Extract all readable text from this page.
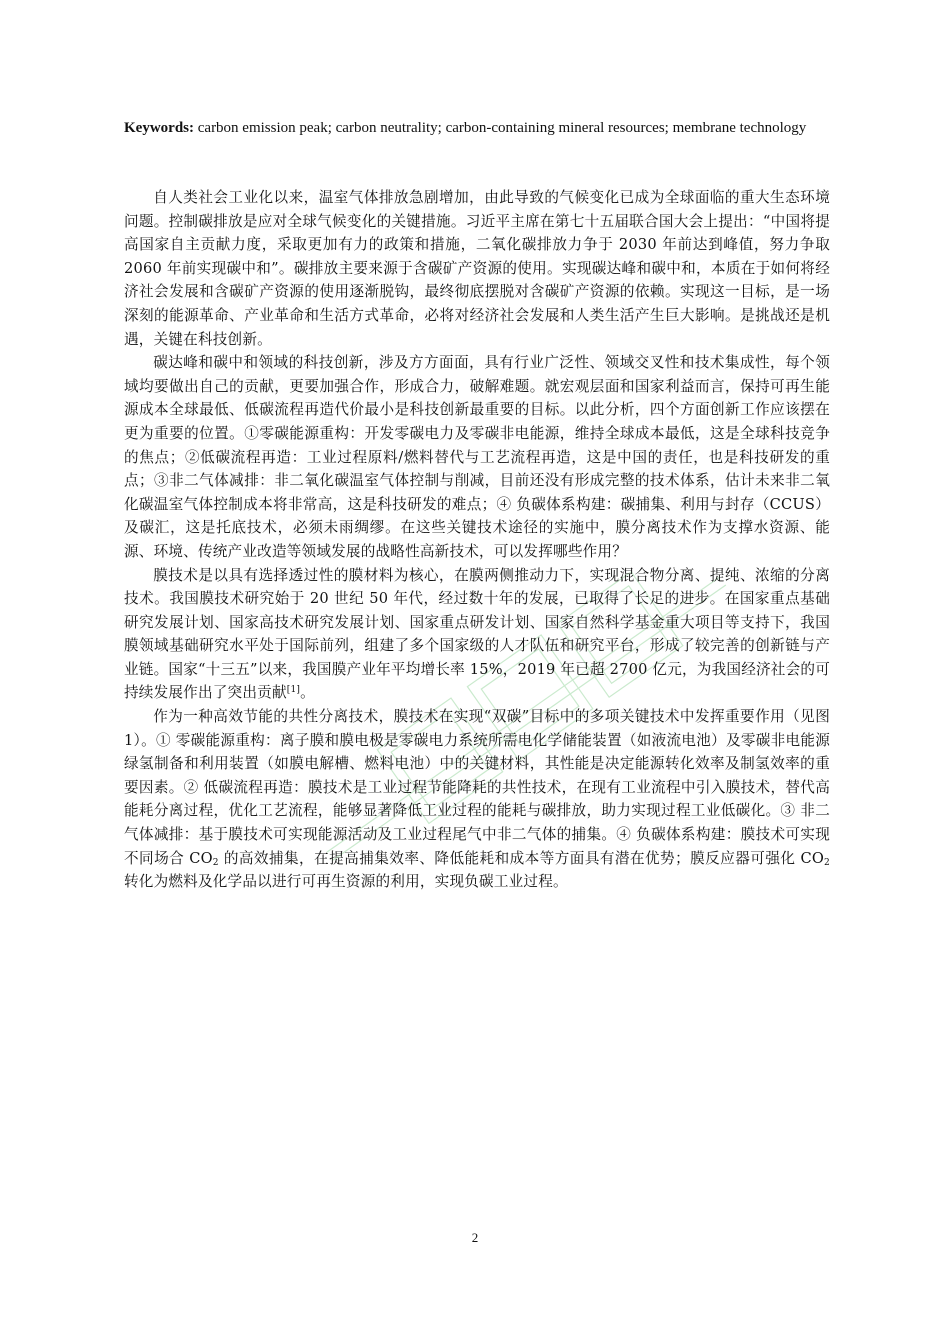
Keywords: carbon emission peak; carbon neutrality; carbon-containing mineral resources; membrane technology

自人类社会工业化以来，温室气体排放急剧增加，由此导致的气候变化已成为全球面临的重大生态环境问题。控制碳排放是应对全球气候变化的关键措施。习近平主席在第七十五届联合国大会上提出：“中国将提高国家自主贡献力度，采取更加有力的政策和措施，二氧化碳排放力争于 2030 年前达到峰值，努力争取 2060 年前实现碳中和”。碳排放主要来源于含碳矿产资源的使用。实现碳达峰和碳中和，本质在于如何将经济社会发展和含碳矿产资源的使用逐渐脱钩，最终彻底摆脱对含碳矿产资源的依赖。实现这一目标，是一场深刻的能源革命、产业革命和生活方式革命，必将对经济社会发展和人类生活产生巨大影响。是挑战还是机遇，关键在科技创新。

碳达峰和碳中和领域的科技创新，涉及方方面面，具有行业广泛性、领域交叉性和技术集成性，每个领域均要做出自己的贡献，更要加强合作，形成合力，破解难题。就宏观层面和国家利益而言，保持可再生能源成本全球最低、低碳流程再造代价最小是科技创新最重要的目标。以此分析，四个方面创新工作应该摆在更为重要的位置。①零碳能源重构：开发零碳电力及零碳非电能源，维持全球成本最低，这是全球科技竞争的焦点；②低碳流程再造：工业过程原料/燃料替代与工艺流程再造，这是中国的责任，也是科技研发的重点；③非二气体减排：非二氧化碳温室气体控制与削减，目前还没有形成完整的技术体系，估计未来非二氧化碳温室气体控制成本将非常高，这是科技研发的难点；④ 负碳体系构建：碳捕集、利用与封存（CCUS）及碳汇，这是托底技术，必须未雨绸缪。在这些关键技术途径的实施中，膜分离技术作为支撑水资源、能源、环境、传统产业改造等领域发展的战略性高新技术，可以发挥哪些作用？

膜技术是以具有选择透过性的膜材料为核心，在膜两侧推动力下，实现混合物分离、提纯、浓缩的分离技术。我国膜技术研究始于 20 世纪 50 年代，经过数十年的发展，已取得了长足的进步。在国家重点基础研究发展计划、国家高技术研究发展计划、国家重点研发计划、国家自然科学基金重大项目等支持下，我国膜领域基础研究水平处于国际前列，组建了多个国家级的人才队伍和研究平台，形成了较完善的创新链与产业链。国家“十三五”以来，我国膜产业年平均增长率 15%，2019 年已超 2700 亿元，为我国经济社会的可持续发展作出了突出贡献[1]。

作为一种高效节能的共性分离技术，膜技术在实现“双碳”目标中的多项关键技术中发挥重要作用（见图 1）。① 零碳能源重构：离子膜和膜电极是零碳电力系统所需电化学储能装置（如液流电池）及零碳非电能源绿氢制备和利用装置（如膜电解槽、燃料电池）中的关键材料，其性能是决定能源转化效率及制氢效率的重要因素。② 低碳流程再造：膜技术是工业过程节能降耗的共性技术，在现有工业流程中引入膜技术，替代高能耗分离过程，优化工艺流程，能够显著降低工业过程的能耗与碳排放，助力实现过程工业低碳化。③ 非二气体减排：基于膜技术可实现能源活动及工业过程尾气中非二气体的捕集。④ 负碳体系构建：膜技术可实现不同场合 $CO_2$ 的高效捕集，在提高捕集效率、降低能耗和成本等方面具有潜在优势；膜反应器可强化 $CO_2$ 转化为燃料及化学品以进行可再生资源的利用，实现负碳工业过程。

2
